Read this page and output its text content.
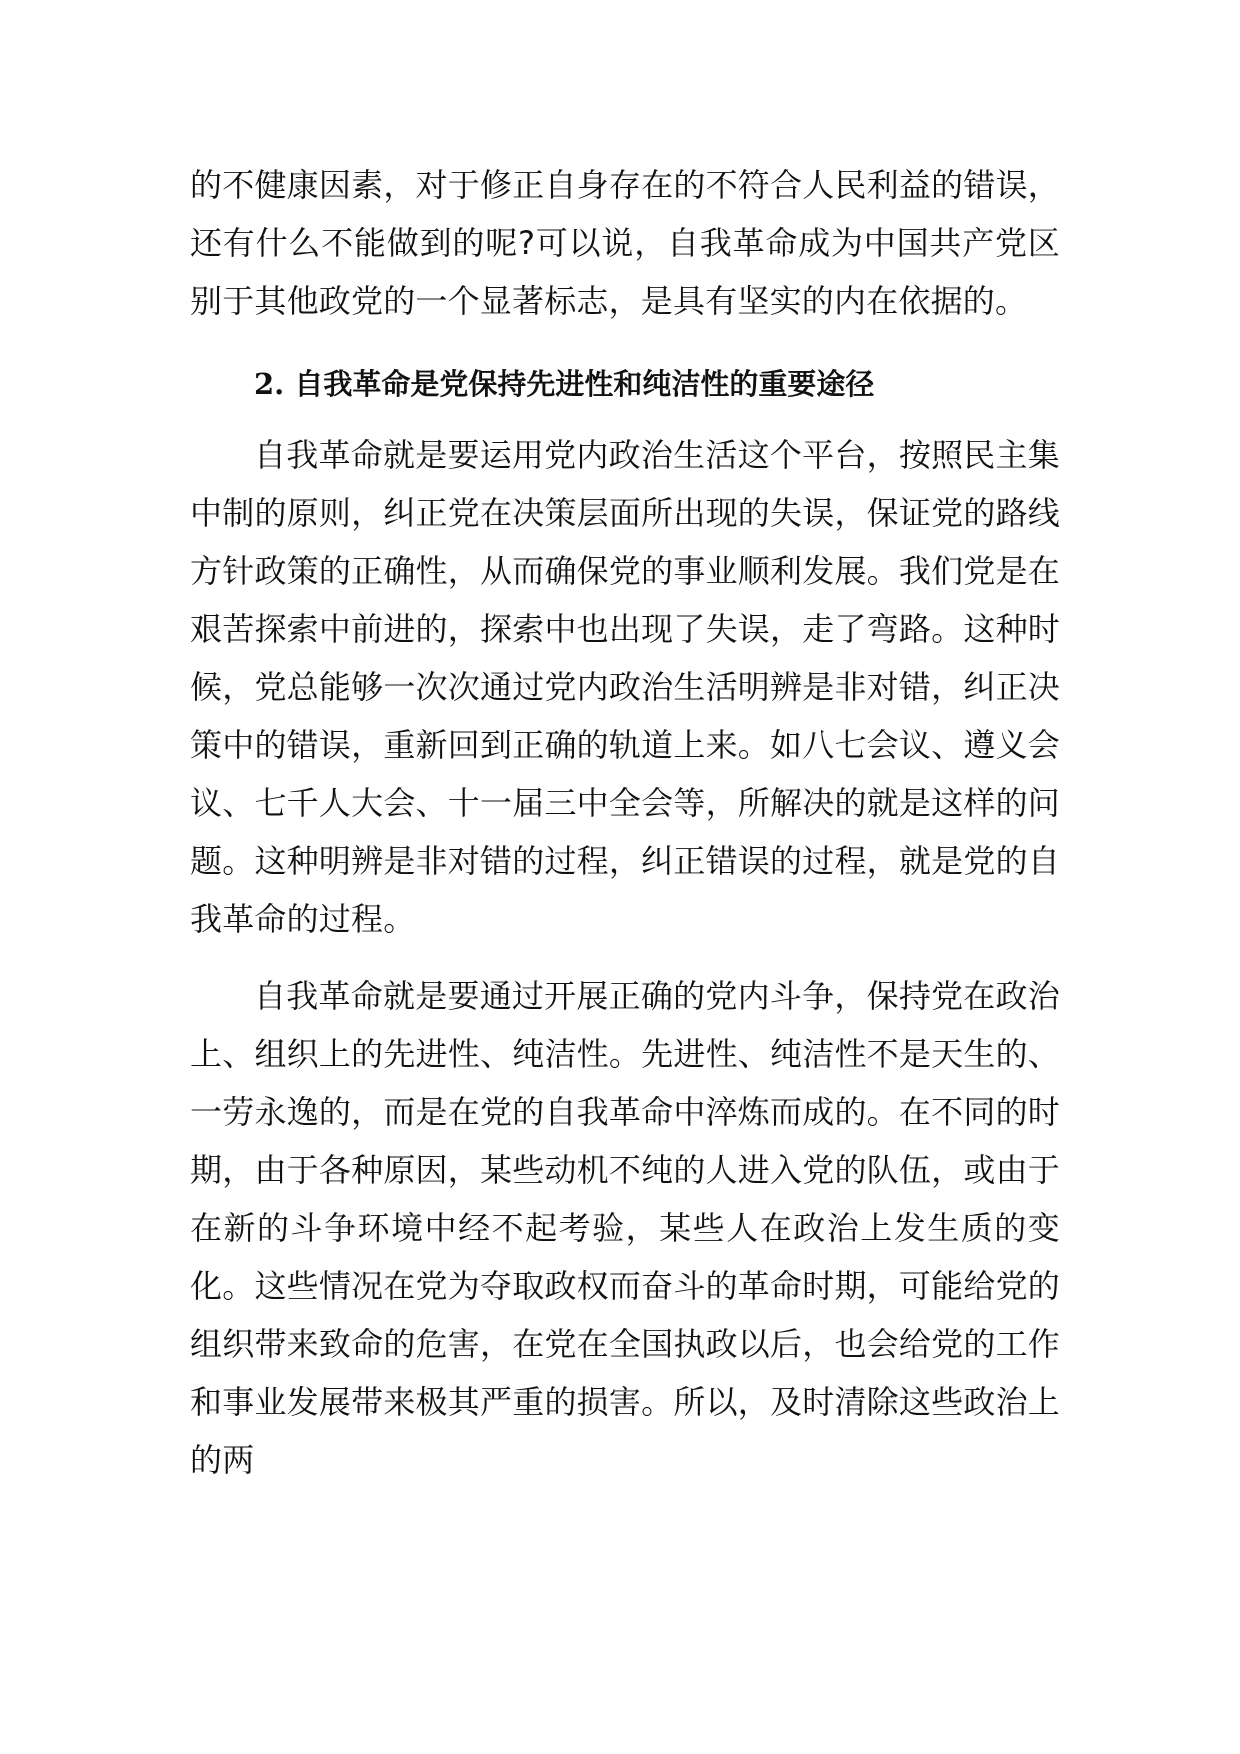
的不健康因素，对于修正自身存在的不符合人民利益的错误，还有什么不能做到的呢?可以说，自我革命成为中国共产党区别于其他政党的一个显著标志，是具有坚实的内在依据的。

2. 自我革命是党保持先进性和纯洁性的重要途径

自我革命就是要运用党内政治生活这个平台，按照民主集中制的原则，纠正党在决策层面所出现的失误，保证党的路线方针政策的正确性，从而确保党的事业顺利发展。我们党是在艰苦探索中前进的，探索中也出现了失误，走了弯路。这种时候，党总能够一次次通过党内政治生活明辨是非对错，纠正决策中的错误，重新回到正确的轨道上来。如八七会议、遵义会议、七千人大会、十一届三中全会等，所解决的就是这样的问题。这种明辨是非对错的过程，纠正错误的过程，就是党的自我革命的过程。

自我革命就是要通过开展正确的党内斗争，保持党在政治上、组织上的先进性、纯洁性。先进性、纯洁性不是天生的、一劳永逸的，而是在党的自我革命中淬炼而成的。在不同的时期，由于各种原因，某些动机不纯的人进入党的队伍，或由于在新的斗争环境中经不起考验，某些人在政治上发生质的变化。这些情况在党为夺取政权而奋斗的革命时期，可能给党的组织带来致命的危害，在党在全国执政以后，也会给党的工作和事业发展带来极其严重的损害。所以，及时清除这些政治上的两
